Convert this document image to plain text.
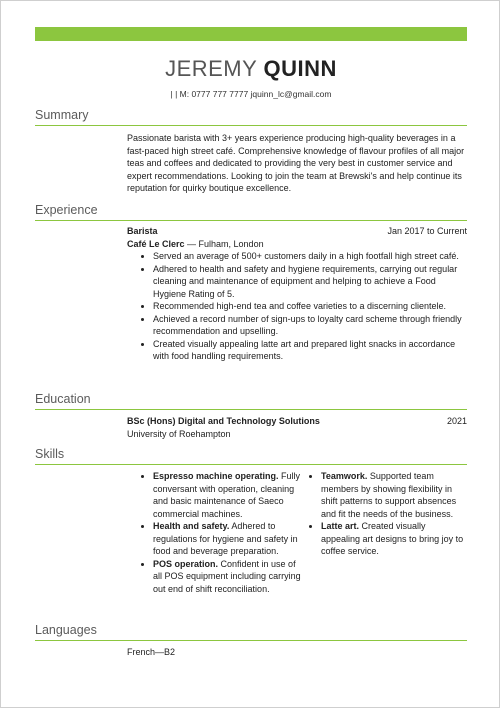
JEREMY QUINN
| | M: 0777 777 7777 jquinn_lc@gmail.com
Summary
Passionate barista with 3+ years experience producing high-quality beverages in a fast-paced high street café. Comprehensive knowledge of flavour profiles of all major teas and coffees and dedicated to providing the very best in customer service and expert recommendations. Looking to join the team at Brewski's and help continue its reputation for quirky boutique excellence.
Experience
Barista	Jan 2017 to Current
Café Le Clerc — Fulham, London
• Served an average of 500+ customers daily in a high footfall high street café.
• Adhered to health and safety and hygiene requirements, carrying out regular cleaning and maintenance of equipment and helping to achieve a Food Hygiene Rating of 5.
• Recommended high-end tea and coffee varieties to a discerning clientele.
• Achieved a record number of sign-ups to loyalty card scheme through friendly recommendation and upselling.
• Created visually appealing latte art and prepared light snacks in accordance with food handling requirements.
Education
BSc (Hons) Digital and Technology Solutions	2021
University of Roehampton
Skills
• Espresso machine operating. Fully conversant with operation, cleaning and basic maintenance of Saeco commercial machines.
• Health and safety. Adhered to regulations for hygiene and safety in food and beverage preparation.
• POS operation. Confident in use of all POS equipment including carrying out end of shift reconciliation.
• Teamwork. Supported team members by showing flexibility in shift patterns to support absences and fit the needs of the business.
• Latte art. Created visually appealing art designs to bring joy to coffee service.
Languages
French—B2
